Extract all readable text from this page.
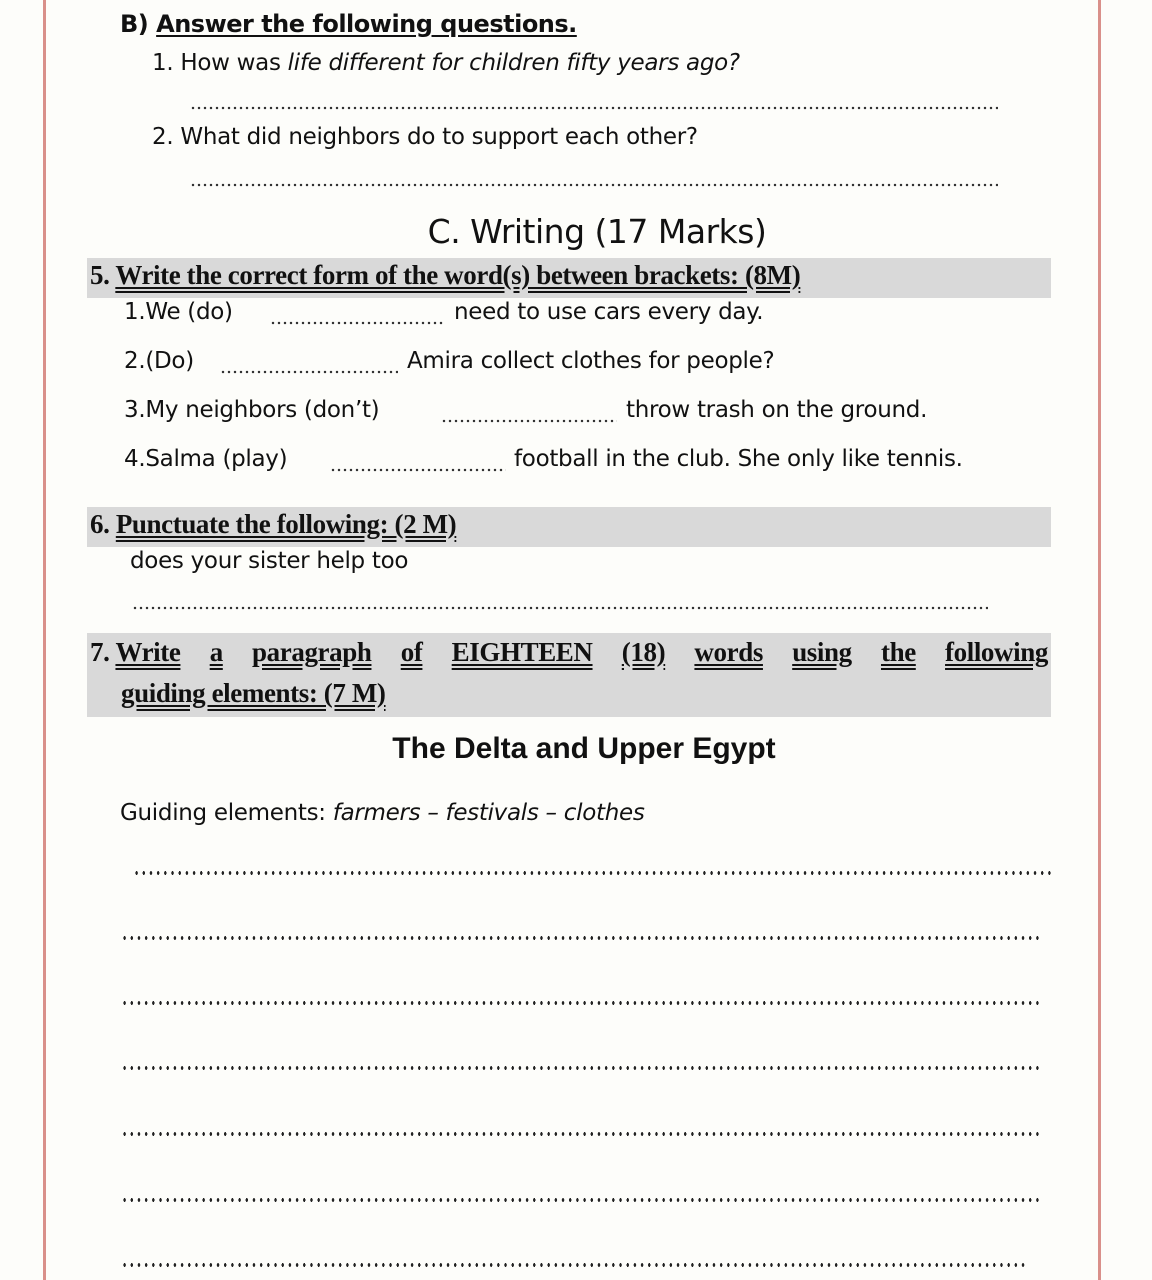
B) Answer the following questions.
1. How was life different for children fifty years ago?
2. What did neighbors do to support each other?
C. Writing (17 Marks)
5. Write the correct form of the word(s) between brackets: (8M)
1.We (do)	need to use cars every day.
2.(Do)	Amira collect clothes for people?
3.My neighbors (don’t)	throw trash on the ground.
4.Salma (play)	football in the club. She only like tennis.
6. Punctuate the following: (2 M)
does your sister help too
7. Write a paragraph of EIGHTEEN (18) words using the following
guiding elements: (7 M)
The Delta and Upper Egypt
Guiding elements: farmers – festivals – clothes
